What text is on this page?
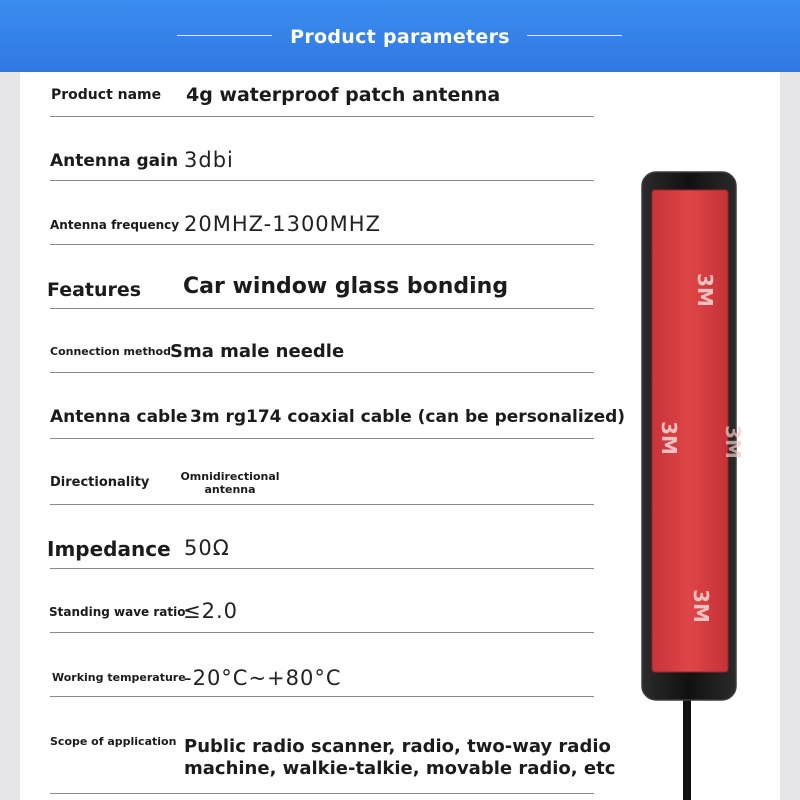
Product parameters
Product name 4g waterproof patch antenna
Antenna gain 3dbi
Antenna frequency 20MHZ-1300MHZ
Features Car window glass bonding
Connection method Sma male needle
Antenna cable 3m rg174 coaxial cable (can be personalized)
Directionality	Omnidirectional
antenna
Impedance 50Ω
Standing wave ratio
≤2.0
Working temperature
-20°C~+80°C
Scope of application Public radio scanner, radio, two-way radio
machine, walkie-talkie, movable radio, etc
3M
3M 3M
3M
